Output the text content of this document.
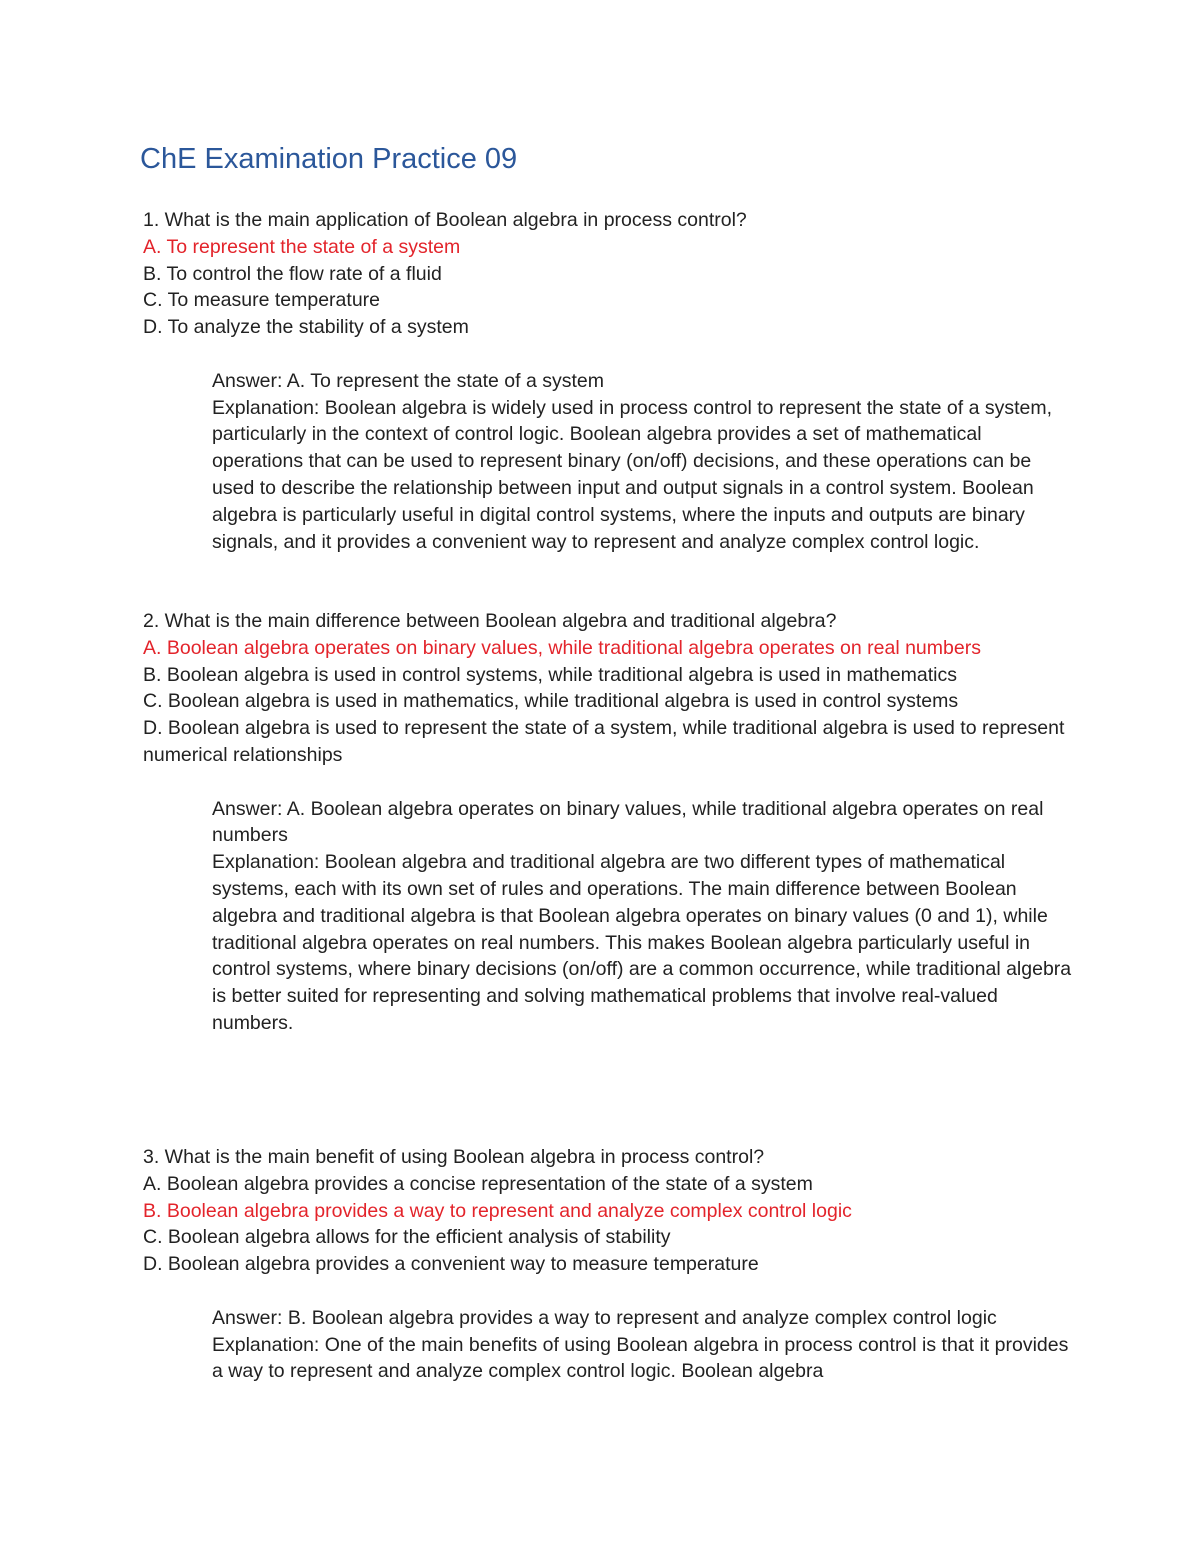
ChE Examination Practice 09

1. What is the main application of Boolean algebra in process control?

A. To represent the state of a system
B. To control the flow rate of a fluid
C. To measure temperature
D. To analyze the stability of a system

Answer: A. To represent the state of a system

Explanation: Boolean algebra is widely used in process control to represent the state of a system, particularly in the context of control logic. Boolean algebra provides a set of mathematical operations that can be used to represent binary (on/off) decisions, and these operations can be used to describe the relationship between input and output signals in a control system. Boolean algebra is particularly useful in digital control systems, where the inputs and outputs are binary signals, and it provides a convenient way to represent and analyze complex control logic.

2. What is the main difference between Boolean algebra and traditional algebra?

A. Boolean algebra operates on binary values, while traditional algebra operates on real numbers
B. Boolean algebra is used in control systems, while traditional algebra is used in mathematics
C. Boolean algebra is used in mathematics, while traditional algebra is used in control systems
D. Boolean algebra is used to represent the state of a system, while traditional algebra is used to represent numerical relationships

Answer: A. Boolean algebra operates on binary values, while traditional algebra operates on real numbers

Explanation: Boolean algebra and traditional algebra are two different types of mathematical systems, each with its own set of rules and operations. The main difference between Boolean algebra and traditional algebra is that Boolean algebra operates on binary values (0 and 1), while traditional algebra operates on real numbers. This makes Boolean algebra particularly useful in control systems, where binary decisions (on/off) are a common occurrence, while traditional algebra is better suited for representing and solving mathematical problems that involve real-valued numbers.

3. What is the main benefit of using Boolean algebra in process control?

A. Boolean algebra provides a concise representation of the state of a system
B. Boolean algebra provides a way to represent and analyze complex control logic
C. Boolean algebra allows for the efficient analysis of stability
D. Boolean algebra provides a convenient way to measure temperature

Answer: B. Boolean algebra provides a way to represent and analyze complex control logic

Explanation: One of the main benefits of using Boolean algebra in process control is that it provides a way to represent and analyze complex control logic. Boolean algebra
